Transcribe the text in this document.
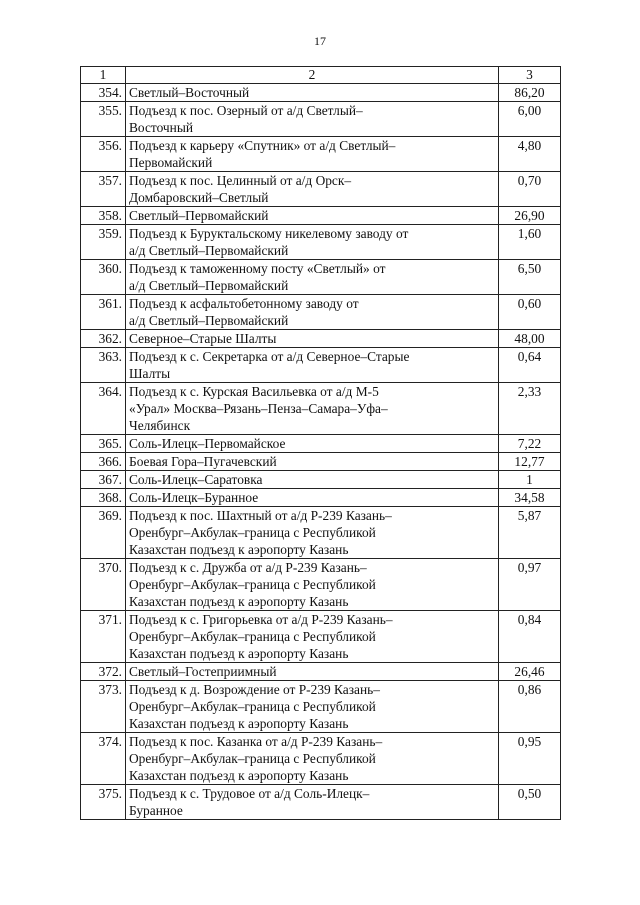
17
1	2	3
354.	Светлый–Восточный	86,20
355.	Подъезд к пос. Озерный от а/д Светлый–
Восточный	6,00
356.	Подъезд к карьеру «Спутник» от а/д Светлый–
Первомайский	4,80
357.	Подъезд к пос. Целинный от а/д Орск–
Домбаровский–Светлый	0,70
358.	Светлый–Первомайский	26,90
359.	Подъезд к Буруктальскому никелевому заводу от
а/д Светлый–Первомайский	1,60
360.	Подъезд к таможенному посту «Светлый» от
а/д Светлый–Первомайский	6,50
361.	Подъезд к асфальтобетонному заводу от
а/д Светлый–Первомайский	0,60
362.	Северное–Старые Шалты	48,00
363.	Подъезд к с. Секретарка от а/д Северное–Старые
Шалты	0,64
364.	Подъезд к с. Курская Васильевка от а/д М-5
«Урал» Москва–Рязань–Пенза–Самара–Уфа–
Челябинск	2,33
365.	Соль-Илецк–Первомайское	7,22
366.	Боевая Гора–Пугачевский	12,77
367.	Соль-Илецк–Саратовка	1
368.	Соль-Илецк–Буранное	34,58
369.	Подъезд к пос. Шахтный от а/д Р-239 Казань–
Оренбург–Акбулак–граница с Республикой
Казахстан подъезд к аэропорту Казань	5,87
370.	Подъезд к с. Дружба от а/д Р-239 Казань–
Оренбург–Акбулак–граница с Республикой
Казахстан подъезд к аэропорту Казань	0,97
371.	Подъезд к с. Григорьевка от а/д Р-239 Казань–
Оренбург–Акбулак–граница с Республикой
Казахстан подъезд к аэропорту Казань	0,84
372.	Светлый–Гостеприимный	26,46
373.	Подъезд к д. Возрождение от Р-239 Казань–
Оренбург–Акбулак–граница с Республикой
Казахстан подъезд к аэропорту Казань	0,86
374.	Подъезд к пос. Казанка от а/д Р-239 Казань–
Оренбург–Акбулак–граница с Республикой
Казахстан подъезд к аэропорту Казань	0,95
375.	Подъезд к с. Трудовое от а/д Соль-Илецк–
Буранное	0,50
